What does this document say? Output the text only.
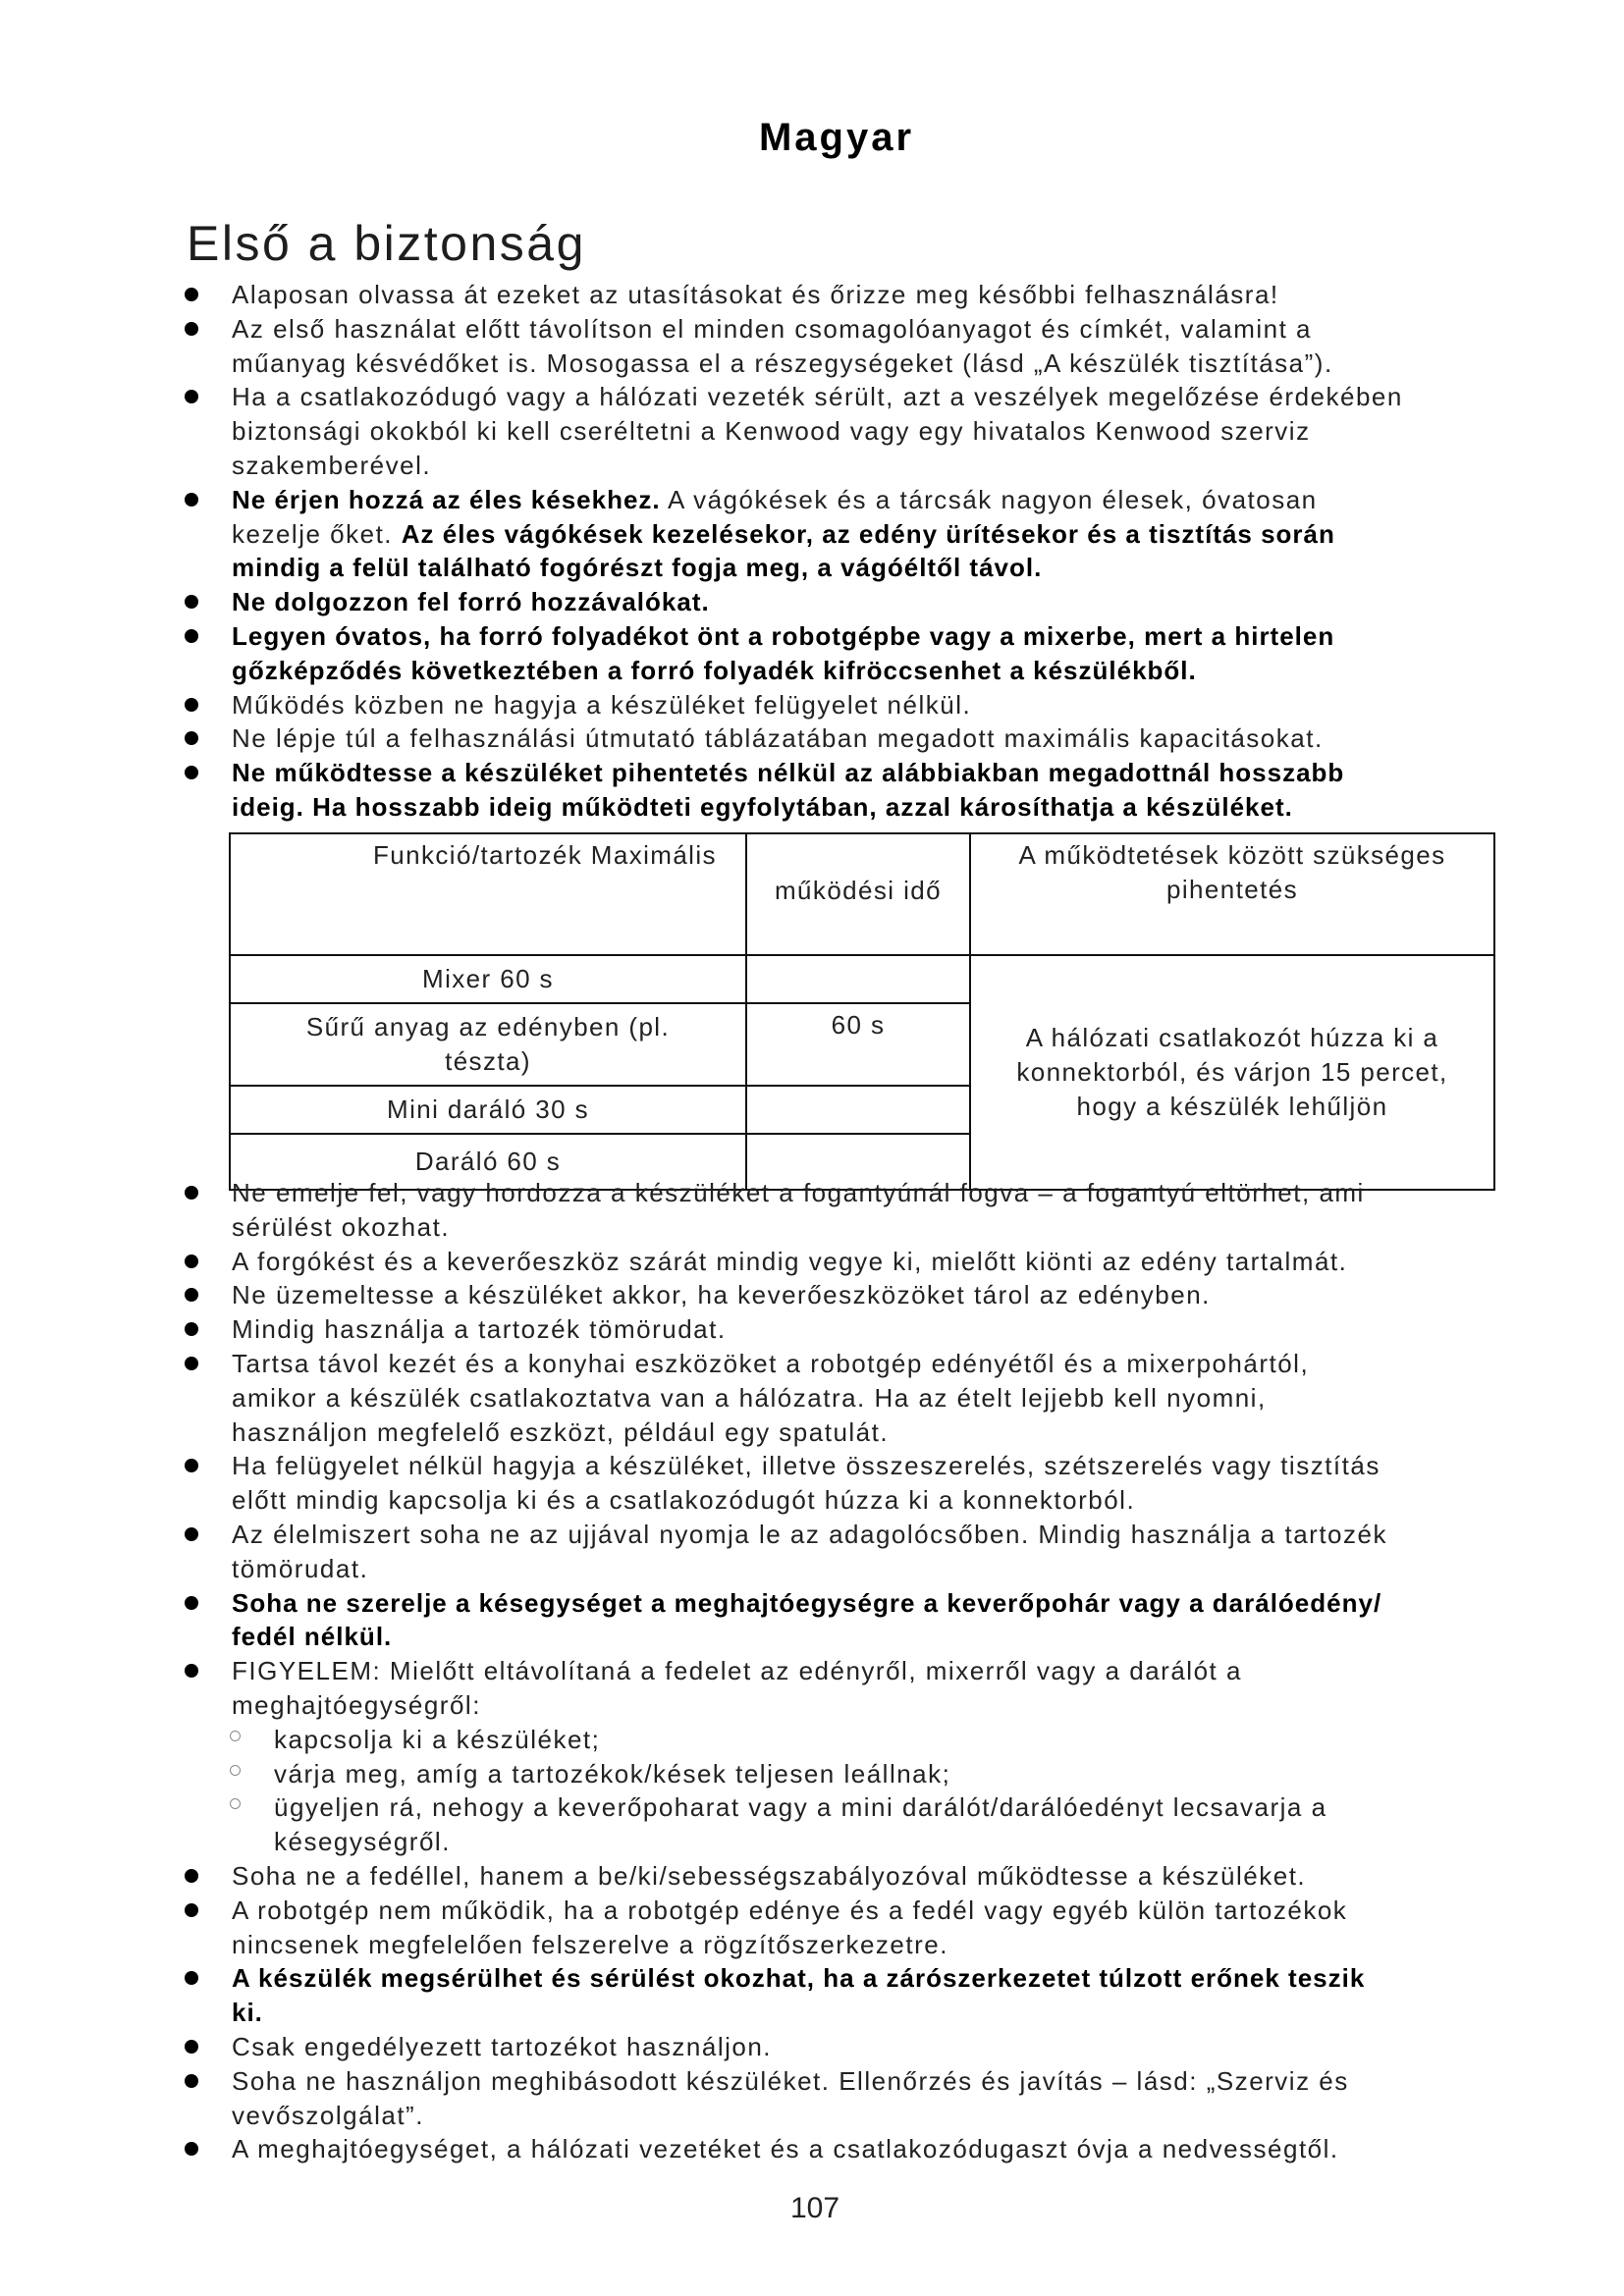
Magyar
Első a biztonság
Alaposan olvassa át ezeket az utasításokat és őrizze meg későbbi felhasználásra!
Az első használat előtt távolítson el minden csomagolóanyagot és címkét, valamint a
műanyag késvédőket is. Mosogassa el a részegységeket (lásd „A készülék tisztítása”).
Ha a csatlakozódugó vagy a hálózati vezeték sérült, azt a veszélyek megelőzése érdekében
biztonsági okokból ki kell cseréltetni a Kenwood vagy egy hivatalos Kenwood szerviz
szakemberével.
Ne érjen hozzá az éles késekhez. A vágókések és a tárcsák nagyon élesek, óvatosan
kezelje őket. Az éles vágókések kezelésekor, az edény ürítésekor és a tisztítás során
mindig a felül található fogórészt fogja meg, a vágóéltől távol.
Ne dolgozzon fel forró hozzávalókat.
Legyen óvatos, ha forró folyadékot önt a robotgépbe vagy a mixerbe, mert a hirtelen
gőzképződés következtében a forró folyadék kifröccsenhet a készülékből.
Működés közben ne hagyja a készüléket felügyelet nélkül.
Ne lépje túl a felhasználási útmutató táblázatában megadott maximális kapacitásokat.
Ne működtesse a készüléket pihentetés nélkül az alábbiakban megadottnál hosszabb
ideig. Ha hosszabb ideig működteti egyfolytában, azzal károsíthatja a készüléket.
Funkció/tartozék Maximális	működési idő	A működtetések között szükséges
pihentetés

Mixer 60 s		A hálózati csatlakozót húzza ki a
konnektorból, és várjon 15 percet,
hogy a készülék lehűljön

Sűrű anyag az edényben (pl.
tészta)	60 s	

Mini daráló 30 s		

Daráló 60 s		

Ne emelje fel, vagy hordozza a készüléket a fogantyúnál fogva – a fogantyú eltörhet, ami
sérülést okozhat.
A forgókést és a keverőeszköz szárát mindig vegye ki, mielőtt kiönti az edény tartalmát.
Ne üzemeltesse a készüléket akkor, ha keverőeszközöket tárol az edényben.
Mindig használja a tartozék tömörudat.
Tartsa távol kezét és a konyhai eszközöket a robotgép edényétől és a mixerpohártól,
amikor a készülék csatlakoztatva van a hálózatra. Ha az ételt lejjebb kell nyomni,
használjon megfelelő eszközt, például egy spatulát.
Ha felügyelet nélkül hagyja a készüléket, illetve összeszerelés, szétszerelés vagy tisztítás
előtt mindig kapcsolja ki és a csatlakozódugót húzza ki a konnektorból.
Az élelmiszert soha ne az ujjával nyomja le az adagolócsőben. Mindig használja a tartozék
tömörudat.
Soha ne szerelje a késegységet a meghajtóegységre a keverőpohár vagy a darálóedény/
fedél nélkül.
FIGYELEM: Mielőtt eltávolítaná a fedelet az edényről, mixerről vagy a darálót a
meghajtóegységről:
kapcsolja ki a készüléket;
várja meg, amíg a tartozékok/kések teljesen leállnak;
ügyeljen rá, nehogy a keverőpoharat vagy a mini darálót/darálóedényt lecsavarja a
késegységről.
Soha ne a fedéllel, hanem a be/ki/sebességszabályozóval működtesse a készüléket.
A robotgép nem működik, ha a robotgép edénye és a fedél vagy egyéb külön tartozékok
nincsenek megfelelően felszerelve a rögzítőszerkezetre.
A készülék megsérülhet és sérülést okozhat, ha a zárószerkezetet túlzott erőnek teszik
ki.
Csak engedélyezett tartozékot használjon.
Soha ne használjon meghibásodott készüléket. Ellenőrzés és javítás – lásd: „Szerviz és
vevőszolgálat”.
A meghajtóegységet, a hálózati vezetéket és a csatlakozódugaszt óvja a nedvességtől.
107
